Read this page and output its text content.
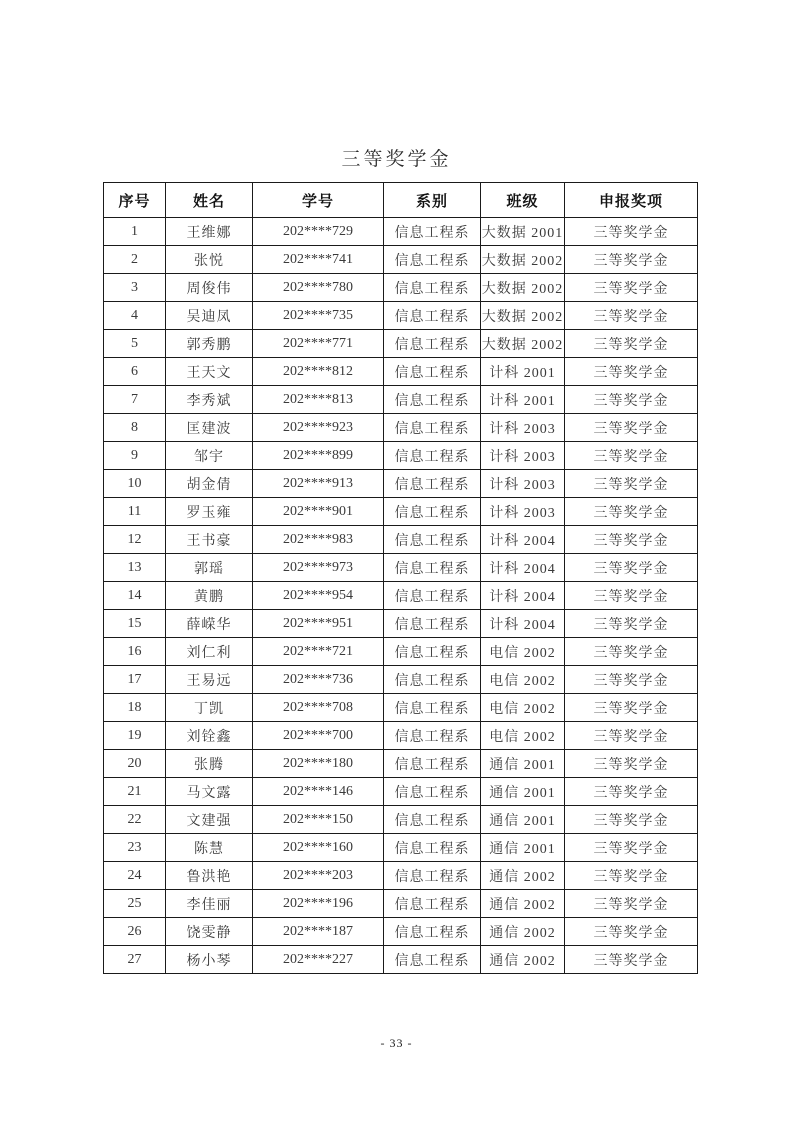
三等奖学金
序号	姓名	学号	系别	班级	申报奖项
1	王维娜	202****729	信息工程系	大数据 2001	三等奖学金
2	张悦	202****741	信息工程系	大数据 2002	三等奖学金
3	周俊伟	202****780	信息工程系	大数据 2002	三等奖学金
4	吴迪凤	202****735	信息工程系	大数据 2002	三等奖学金
5	郭秀鹏	202****771	信息工程系	大数据 2002	三等奖学金
6	王天文	202****812	信息工程系	计科 2001	三等奖学金
7	李秀斌	202****813	信息工程系	计科 2001	三等奖学金
8	匡建波	202****923	信息工程系	计科 2003	三等奖学金
9	邹宇	202****899	信息工程系	计科 2003	三等奖学金
10	胡金倩	202****913	信息工程系	计科 2003	三等奖学金
11	罗玉雍	202****901	信息工程系	计科 2003	三等奖学金
12	王书豪	202****983	信息工程系	计科 2004	三等奖学金
13	郭瑶	202****973	信息工程系	计科 2004	三等奖学金
14	黄鹏	202****954	信息工程系	计科 2004	三等奖学金
15	薛嵘华	202****951	信息工程系	计科 2004	三等奖学金
16	刘仁利	202****721	信息工程系	电信 2002	三等奖学金
17	王易远	202****736	信息工程系	电信 2002	三等奖学金
18	丁凯	202****708	信息工程系	电信 2002	三等奖学金
19	刘铨鑫	202****700	信息工程系	电信 2002	三等奖学金
20	张腾	202****180	信息工程系	通信 2001	三等奖学金
21	马文露	202****146	信息工程系	通信 2001	三等奖学金
22	文建强	202****150	信息工程系	通信 2001	三等奖学金
23	陈慧	202****160	信息工程系	通信 2001	三等奖学金
24	鲁洪艳	202****203	信息工程系	通信 2002	三等奖学金
25	李佳丽	202****196	信息工程系	通信 2002	三等奖学金
26	饶雯静	202****187	信息工程系	通信 2002	三等奖学金
27	杨小琴	202****227	信息工程系	通信 2002	三等奖学金
- 33 -
